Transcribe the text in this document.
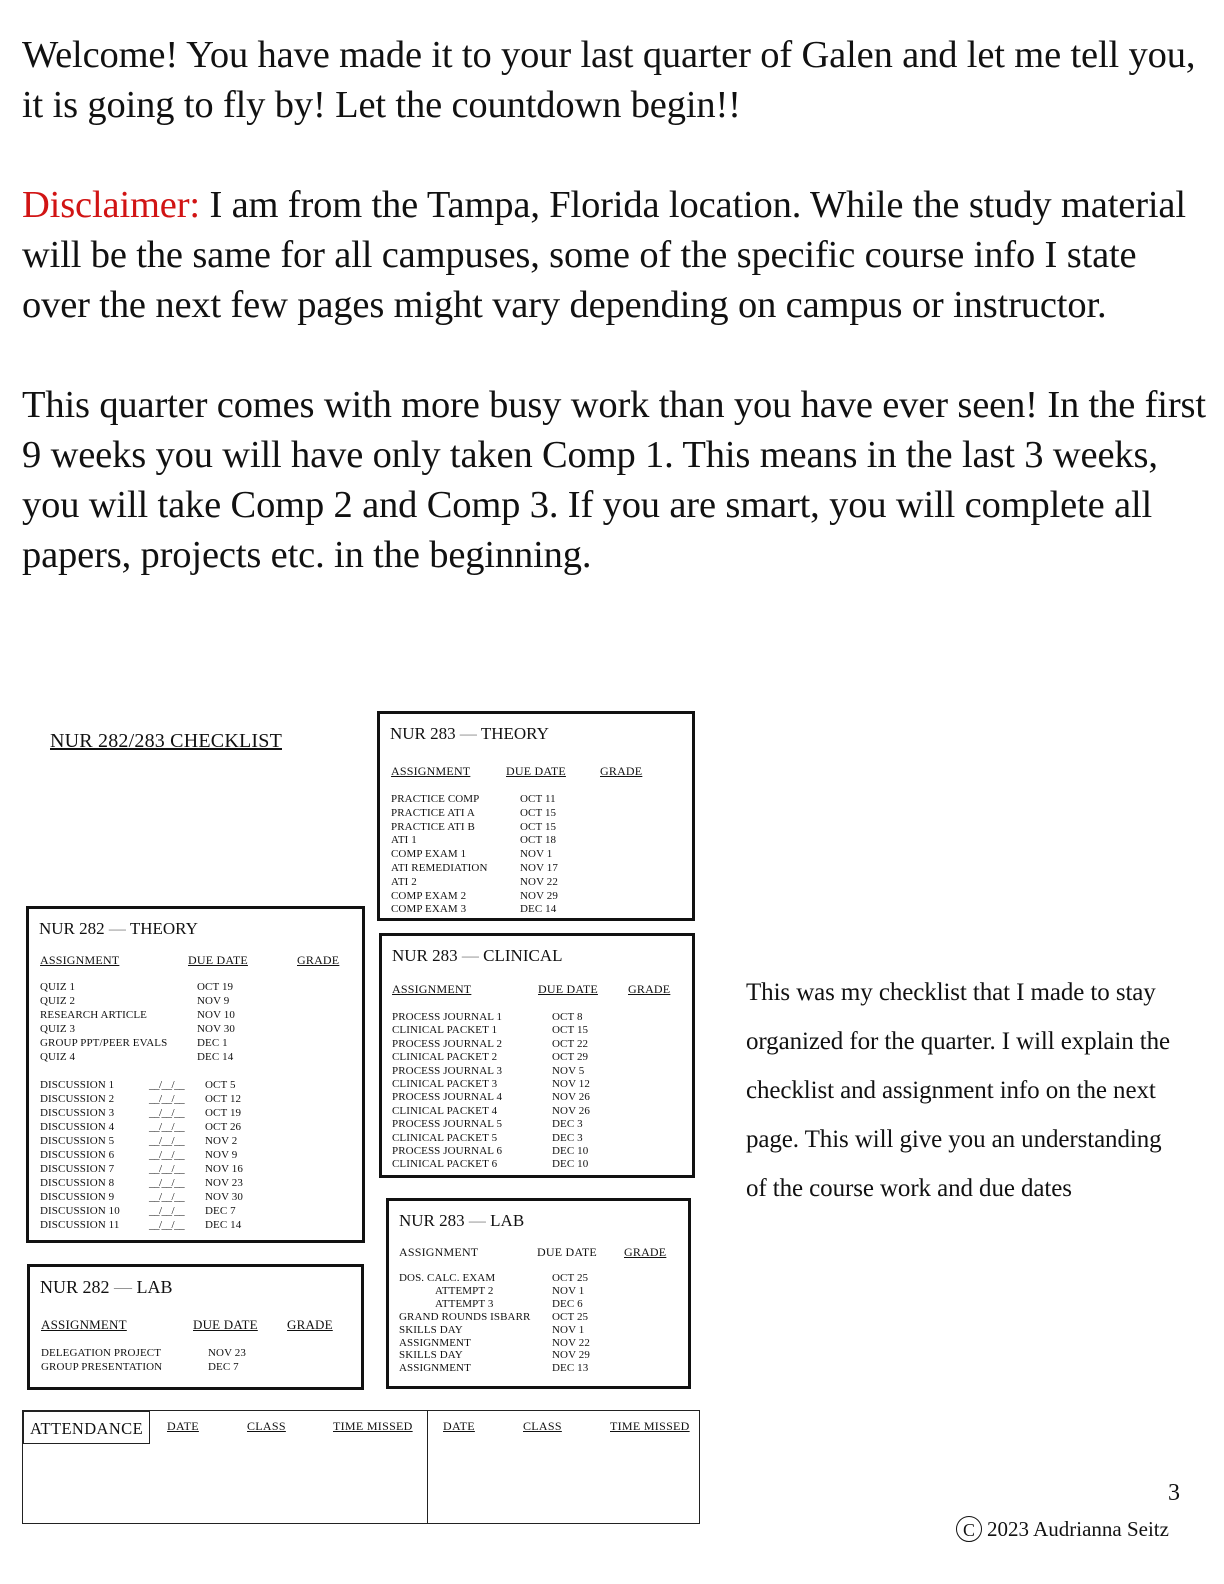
Welcome! You have made it to your last quarter of Galen and let me tell you, it is going to fly by! Let the countdown begin!!

Disclaimer: I am from the Tampa, Florida location. While the study material will be the same for all campuses, some of the specific course info I state over the next few pages might vary depending on campus or instructor.

This quarter comes with more busy work than you have ever seen! In the first 9 weeks you will have only taken Comp 1. This means in the last 3 weeks, you will take Comp 2 and Comp 3. If you are smart, you will complete all papers, projects etc. in the beginning.

NUR 282/283 CHECKLIST	NUR 283 — THEORY
ASSIGNMENT	DUE DATE	GRADE
PRACTICE COMP	OCT 11
PRACTICE ATI A	OCT 15
PRACTICE ATI B	OCT 15
ATI 1	OCT 18
COMP EXAM 1	NOV 1
ATI REMEDIATION	NOV 17
ATI 2	NOV 22
COMP EXAM 2	NOV 29
COMP EXAM 3	DEC 14
NUR 282 — THEORY
ASSIGNMENT	DUE DATE	GRADE
QUIZ 1	OCT 19
QUIZ 2	NOV 9
RESEARCH ARTICLE	NOV 10
QUIZ 3	NOV 30
GROUP PPT/PEER EVALS	DEC 1
QUIZ 4	DEC 14
DISCUSSION 1	__/__/__ OCT 5
DISCUSSION 2	__/__/__ OCT 12
DISCUSSION 3	__/__/__ OCT 19
DISCUSSION 4	__/__/__ OCT 26
DISCUSSION 5	__/__/__ NOV 2
DISCUSSION 6	__/__/__ NOV 9
DISCUSSION 7	__/__/__ NOV 16
DISCUSSION 8	__/__/__ NOV 23
DISCUSSION 9	__/__/__ NOV 30
DISCUSSION 10	__/__/__ DEC 7
DISCUSSION 11	__/__/__ DEC 14
NUR 283 — CLINICAL
ASSIGNMENT	DUE DATE	GRADE
PROCESS JOURNAL 1	OCT 8
CLINICAL PACKET 1	OCT 15
PROCESS JOURNAL 2	OCT 22
CLINICAL PACKET 2	OCT 29
PROCESS JOURNAL 3	NOV 5
CLINICAL PACKET 3	NOV 12
PROCESS JOURNAL 4	NOV 26
CLINICAL PACKET 4	NOV 26
PROCESS JOURNAL 5	DEC 3
CLINICAL PACKET 5	DEC 3
PROCESS JOURNAL 6	DEC 10
CLINICAL PACKET 6	DEC 10
NUR 283 — LAB
ASSIGNMENT	DUE DATE GRADE
DOS. CALC. EXAM	OCT 25
ATTEMPT 2	NOV 1
ATTEMPT 3	DEC 6
GRAND ROUNDS ISBARR OCT 25
SKILLS DAY	NOV 1
ASSIGNMENT	NOV 22
SKILLS DAY	NOV 29
ASSIGNMENT	DEC 13
NUR 282 — LAB
ASSIGNMENT	DUE DATE GRADE
DELEGATION PROJECT	NOV 23
GROUP PRESENTATION	DEC 7
ATTENDANCE	DATE	CLASS	TIME MISSED	DATE	CLASS	TIME MISSED
This was my checklist that I made to stay organized for the quarter. I will explain the checklist and assignment info on the next page. This will give you an understanding of the course work and due dates
3
C 2023 Audrianna Seitz
